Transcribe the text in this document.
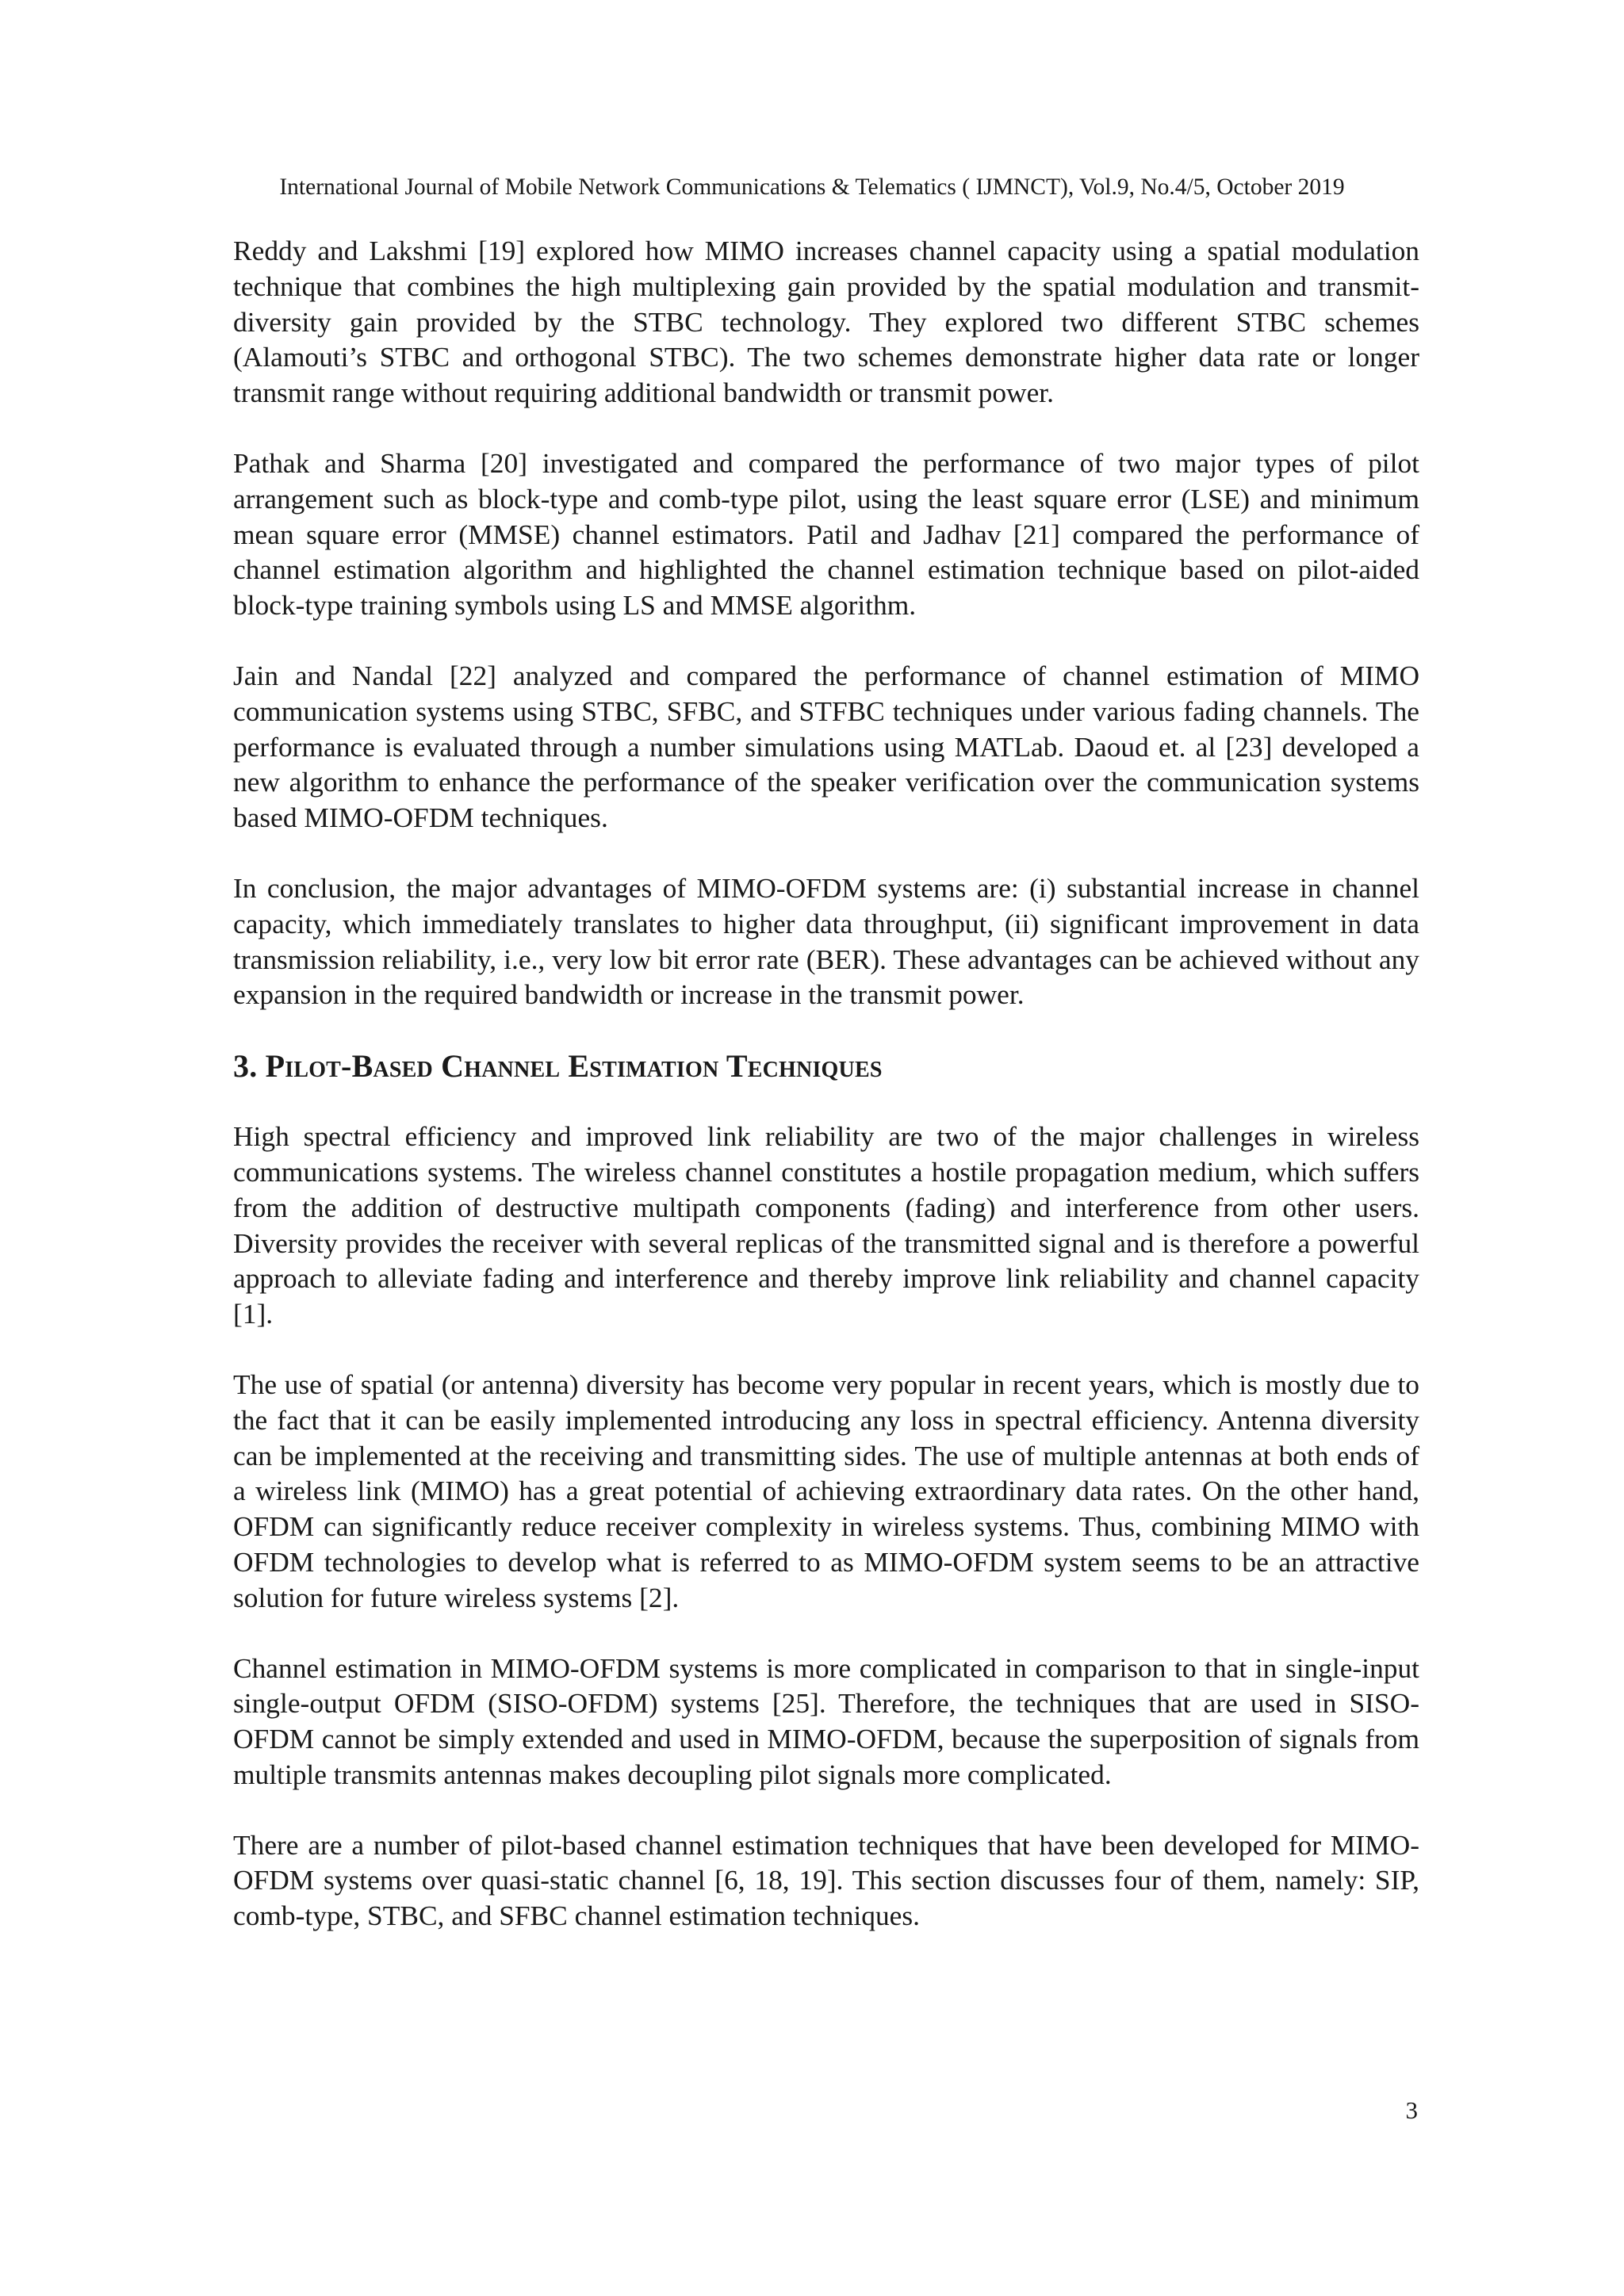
International Journal of Mobile Network Communications & Telematics ( IJMNCT), Vol.9, No.4/5, October 2019

Reddy and Lakshmi [19] explored how MIMO increases channel capacity using a spatial modulation technique that combines the high multiplexing gain provided by the spatial modulation and transmit-diversity gain provided by the STBC technology. They explored two different STBC schemes (Alamouti’s STBC and orthogonal STBC). The two schemes demonstrate higher data rate or longer transmit range without requiring additional bandwidth or transmit power.

Pathak and Sharma [20] investigated and compared the performance of two major types of pilot arrangement such as block-type and comb-type pilot, using the least square error (LSE) and minimum mean square error (MMSE) channel estimators. Patil and Jadhav [21] compared the performance of channel estimation algorithm and highlighted the channel estimation technique based on pilot-aided block-type training symbols using LS and MMSE algorithm.

Jain and Nandal [22] analyzed and compared the performance of channel estimation of MIMO communication systems using STBC, SFBC, and STFBC techniques under various fading channels. The performance is evaluated through a number simulations using MATLab. Daoud et. al [23] developed a new algorithm to enhance the performance of the speaker verification over the communication systems based MIMO-OFDM techniques.

In conclusion, the major advantages of MIMO-OFDM systems are: (i) substantial increase in channel capacity, which immediately translates to higher data throughput, (ii) significant improvement in data transmission reliability, i.e., very low bit error rate (BER). These advantages can be achieved without any expansion in the required bandwidth or increase in the transmit power.

3. Pilot-Based Channel Estimation Techniques

High spectral efficiency and improved link reliability are two of the major challenges in wireless communications systems. The wireless channel constitutes a hostile propagation medium, which suffers from the addition of destructive multipath components (fading) and interference from other users. Diversity provides the receiver with several replicas of the transmitted signal and is therefore a powerful approach to alleviate fading and interference and thereby improve link reliability and channel capacity [1].

The use of spatial (or antenna) diversity has become very popular in recent years, which is mostly due to the fact that it can be easily implemented introducing any loss in spectral efficiency. Antenna diversity can be implemented at the receiving and transmitting sides. The use of multiple antennas at both ends of a wireless link (MIMO) has a great potential of achieving extraordinary data rates. On the other hand, OFDM can significantly reduce receiver complexity in wireless systems. Thus, combining MIMO with OFDM technologies to develop what is referred to as MIMO-OFDM system seems to be an attractive solution for future wireless systems [2].

Channel estimation in MIMO-OFDM systems is more complicated in comparison to that in single-input single-output OFDM (SISO-OFDM) systems [25]. Therefore, the techniques that are used in SISO-OFDM cannot be simply extended and used in MIMO-OFDM, because the superposition of signals from multiple transmits antennas makes decoupling pilot signals more complicated.

There are a number of pilot-based channel estimation techniques that have been developed for MIMO-OFDM systems over quasi-static channel [6, 18, 19]. This section discusses four of them, namely: SIP, comb-type, STBC, and SFBC channel estimation techniques.

3
